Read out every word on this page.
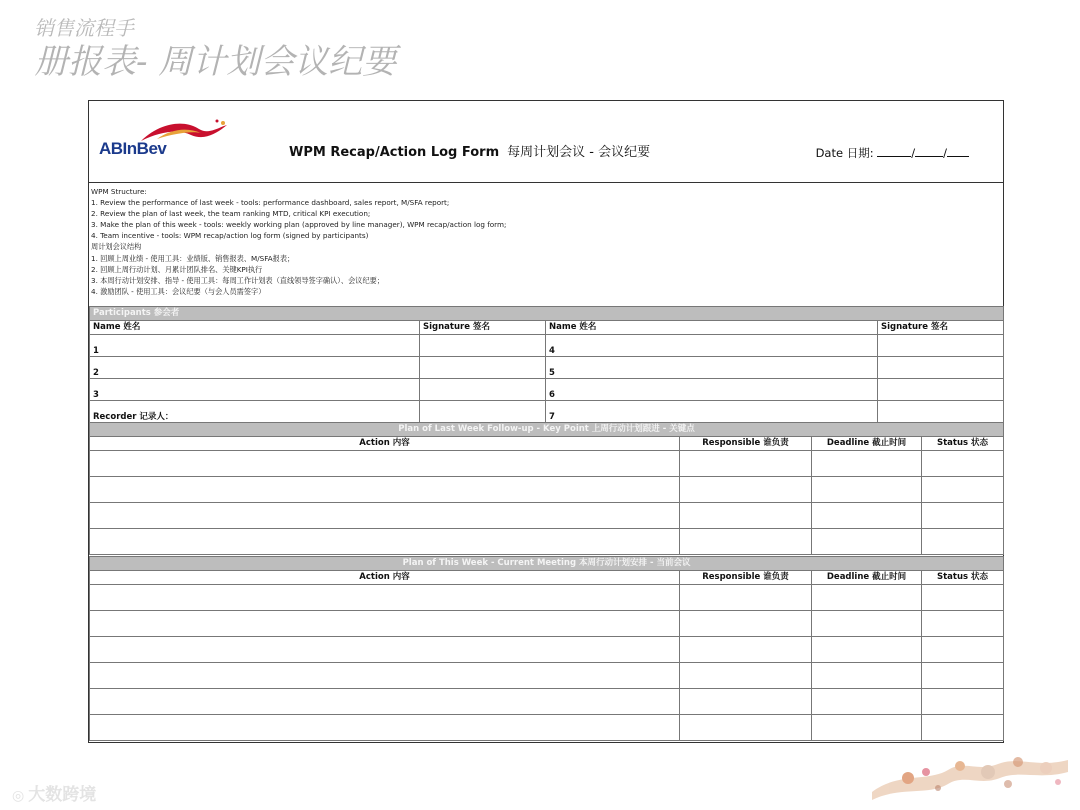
销售流程手
册报表- 周计划会议纪要
ABInBev	WPM Recap/Action Log Form 每周计划会议 - 会议纪要	Date 日期:	/ /
WPM Structure:
1. Review the performance of last week - tools: performance dashboard, sales report, M/SFA report;
2. Review the plan of last week, the team ranking MTD, critical KPI execution;
3. Make the plan of this week - tools: weekly working plan (approved by line manager), WPM recap/action log form;
4. Team incentive - tools: WPM recap/action log form (signed by participants)
周计划会议结构
1. 回顾上周业绩 - 使用工具：业绩版、销售报表、M/SFA报表；
2. 回顾上周行动计划、月累计团队排名、关键KPI执行
3. 本周行动计划安排、指导 - 使用工具：每周工作计划表（直线领导签字确认）、会议纪要；
4. 激励团队 - 使用工具：会议纪要（与会人员需签字）
Participants 参会者			
Name 姓名	Signature 签名	Name 姓名	Signature 签名
1		4	
2		5	
3		6	
Recorder 记录人：		7	
Plan of Last Week Follow-up - Key Point 上周行动计划跟进 - 关键点			
Action 内容	Responsible 谁负责	Deadline 截止时间	Status 状态

Plan of This Week - Current Meeting 本周行动计划安排 - 当前会议			
Action 内容	Responsible 谁负责	Deadline 截止时间	Status 状态

◎ 大数跨境
